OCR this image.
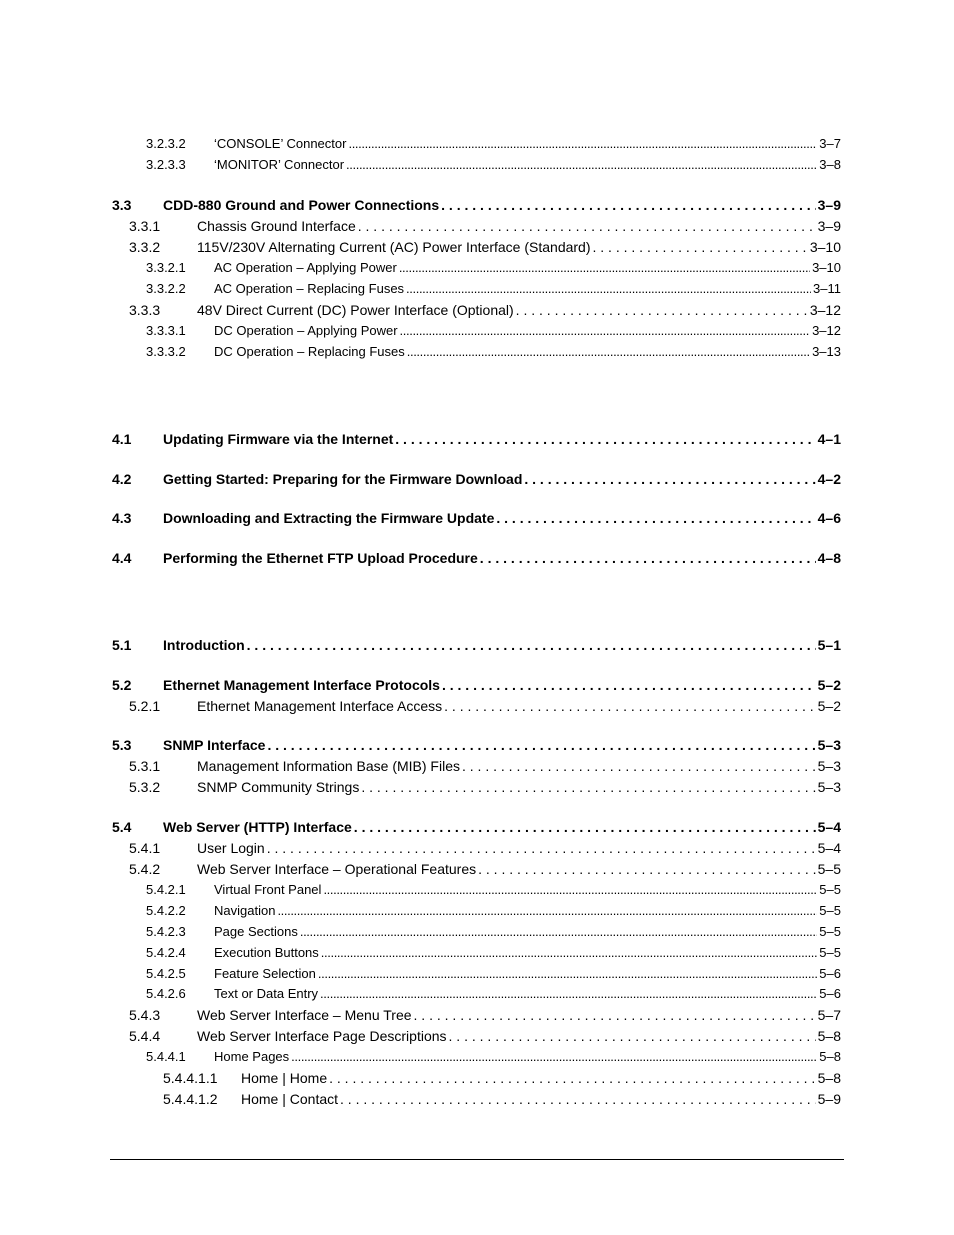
3.2.3.2	‘CONSOLE’ Connector . . .	3–7
3.2.3.3	‘MONITOR’ Connector . . .	3–8
3.3	CDD-880 Ground and Power Connections . . .	3–9
3.3.1	Chassis Ground Interface . . .	3–9
3.3.2	115V/230V Alternating Current (AC) Power Interface (Standard) . . .	3–10
3.3.2.1	AC Operation – Applying Power . . .	3–10
3.3.2.2	AC Operation – Replacing Fuses . . .	3–11
3.3.3	48V Direct Current (DC) Power Interface (Optional) . . .	3–12
3.3.3.1	DC Operation – Applying Power . . .	3–12
3.3.3.2	DC Operation – Replacing Fuses . . .	3–13
4.1	Updating Firmware via the Internet . . .	4–1
4.2	Getting Started: Preparing for the Firmware Download . . .	4–2
4.3	Downloading and Extracting the Firmware Update . . .	4–6
4.4	Performing the Ethernet FTP Upload Procedure . . .	4–8
5.1	Introduction . . .	5–1
5.2	Ethernet Management Interface Protocols . . .	5–2
5.2.1	Ethernet Management Interface Access . . .	5–2
5.3	SNMP Interface . . .	5–3
5.3.1	Management Information Base (MIB) Files . . .	5–3
5.3.2	SNMP Community Strings . . .	5–3
5.4	Web Server (HTTP) Interface . . .	5–4
5.4.1	User Login . . .	5–4
5.4.2	Web Server Interface – Operational Features . . .	5–5
5.4.2.1	Virtual Front Panel . . .	5–5
5.4.2.2	Navigation . . .	5–5
5.4.2.3	Page Sections . . .	5–5
5.4.2.4	Execution Buttons . . .	5–5
5.4.2.5	Feature Selection . . .	5–6
5.4.2.6	Text or Data Entry . . .	5–6
5.4.3	Web Server Interface – Menu Tree . . .	5–7
5.4.4	Web Server Interface Page Descriptions . . .	5–8
5.4.4.1	Home Pages . . .	5–8
5.4.4.1.1	Home | Home . . .	5–8
5.4.4.1.2	Home | Contact . . .	5–9
